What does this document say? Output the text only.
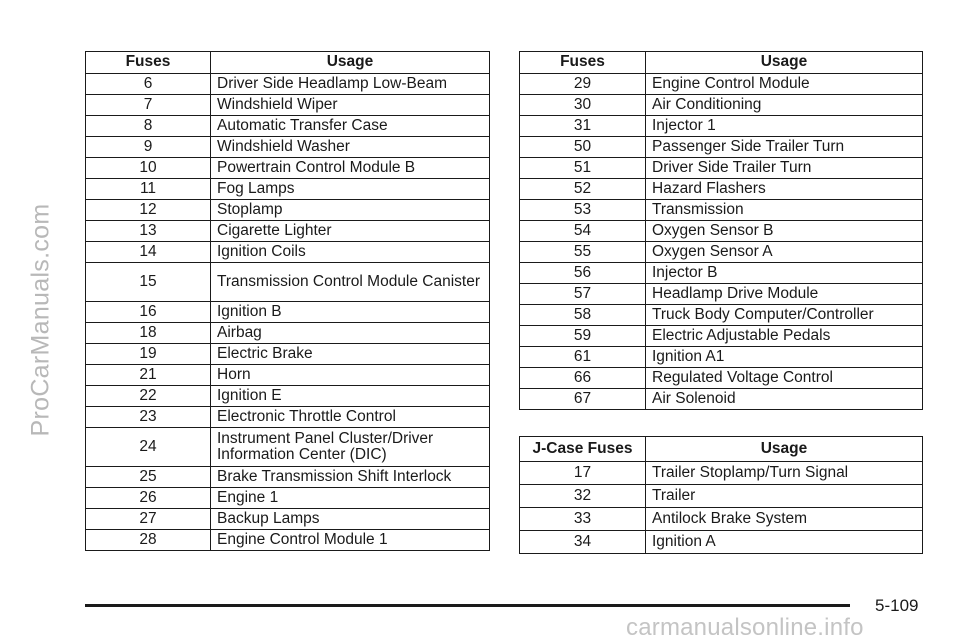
ProCarManuals.com
Fuses	Usage
6	Driver Side Headlamp Low-Beam
7	Windshield Wiper
8	Automatic Transfer Case
9	Windshield Washer
10	Powertrain Control Module B
11	Fog Lamps
12	Stoplamp
13	Cigarette Lighter
14	Ignition Coils
15	Transmission Control Module Canister
16	Ignition B
18	Airbag
19	Electric Brake
21	Horn
22	Ignition E
23	Electronic Throttle Control
24	Instrument Panel Cluster/Driver Information Center (DIC)
25	Brake Transmission Shift Interlock
26	Engine 1
27	Backup Lamps
28	Engine Control Module 1
Fuses	Usage
29	Engine Control Module
30	Air Conditioning
31	Injector 1
50	Passenger Side Trailer Turn
51	Driver Side Trailer Turn
52	Hazard Flashers
53	Transmission
54	Oxygen Sensor B
55	Oxygen Sensor A
56	Injector B
57	Headlamp Drive Module
58	Truck Body Computer/Controller
59	Electric Adjustable Pedals
61	Ignition A1
66	Regulated Voltage Control
67	Air Solenoid
J-Case Fuses	Usage
17	Trailer Stoplamp/Turn Signal
32	Trailer
33	Antilock Brake System
34	Ignition A
5-109
carmanualsonline.info
